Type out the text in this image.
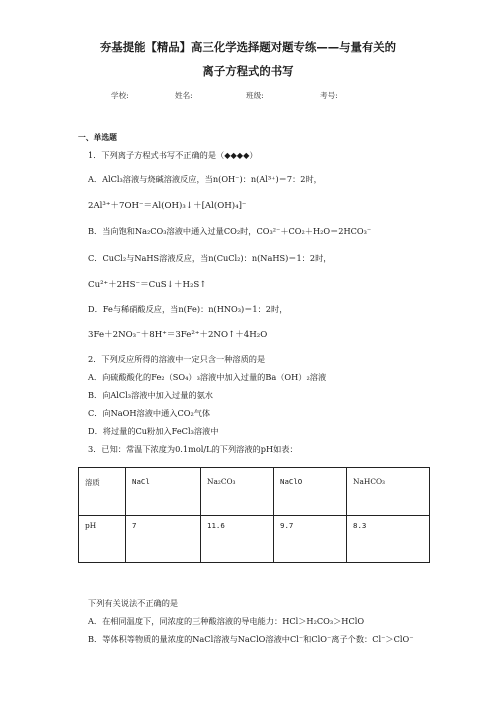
夯基提能【精品】高三化学选择题对题专练——与量有关的
离子方程式的书写
学校:	姓名:	班级:	考号:
一、单选题
1．下列离子方程式书写不正确的是（◆◆◆◆）
A．AlCl₃溶液与烧碱溶液反应，当n(OH⁻)：n(Al³⁺)＝7：2时，
2Al³⁺＋7OH⁻＝Al(OH)₃↓＋[Al(OH)₄]⁻
B．当向饱和Na₂CO₃溶液中通入过量CO₂时，CO₃²⁻＋CO₂＋H₂O＝2HCO₃⁻
C．CuCl₂与NaHS溶液反应，当n(CuCl₂)：n(NaHS)＝1：2时，
Cu²⁺＋2HS⁻＝CuS↓＋H₂S↑
D．Fe与稀硝酸反应，当n(Fe)：n(HNO₃)＝1：2时，
3Fe＋2NO₃⁻＋8H⁺＝3Fe²⁺＋2NO↑＋4H₂O
2．下列反应所得的溶液中一定只含一种溶质的是
A．向硫酸酸化的Fe₂（SO₄）₃溶液中加入过量的Ba（OH）₂溶液
B．向AlCl₃溶液中加入过量的氨水
C．向NaOH溶液中通入CO₂气体
D．将过量的Cu粉加入FeCl₃溶液中
3．已知：常温下浓度为0.1mol/L的下列溶液的pH如表：
溶质	NaCl	Na₂CO₃	NaClO	NaHCO₃
pH	7	11.6	9.7	8.3
下列有关说法不正确的是
A．在相同温度下，同浓度的三种酸溶液的导电能力：HCl＞H₂CO₃＞HClO
B．等体积等物质的量浓度的NaCl溶液与NaClO溶液中Cl⁻和ClO⁻离子个数：Cl⁻＞ClO⁻
